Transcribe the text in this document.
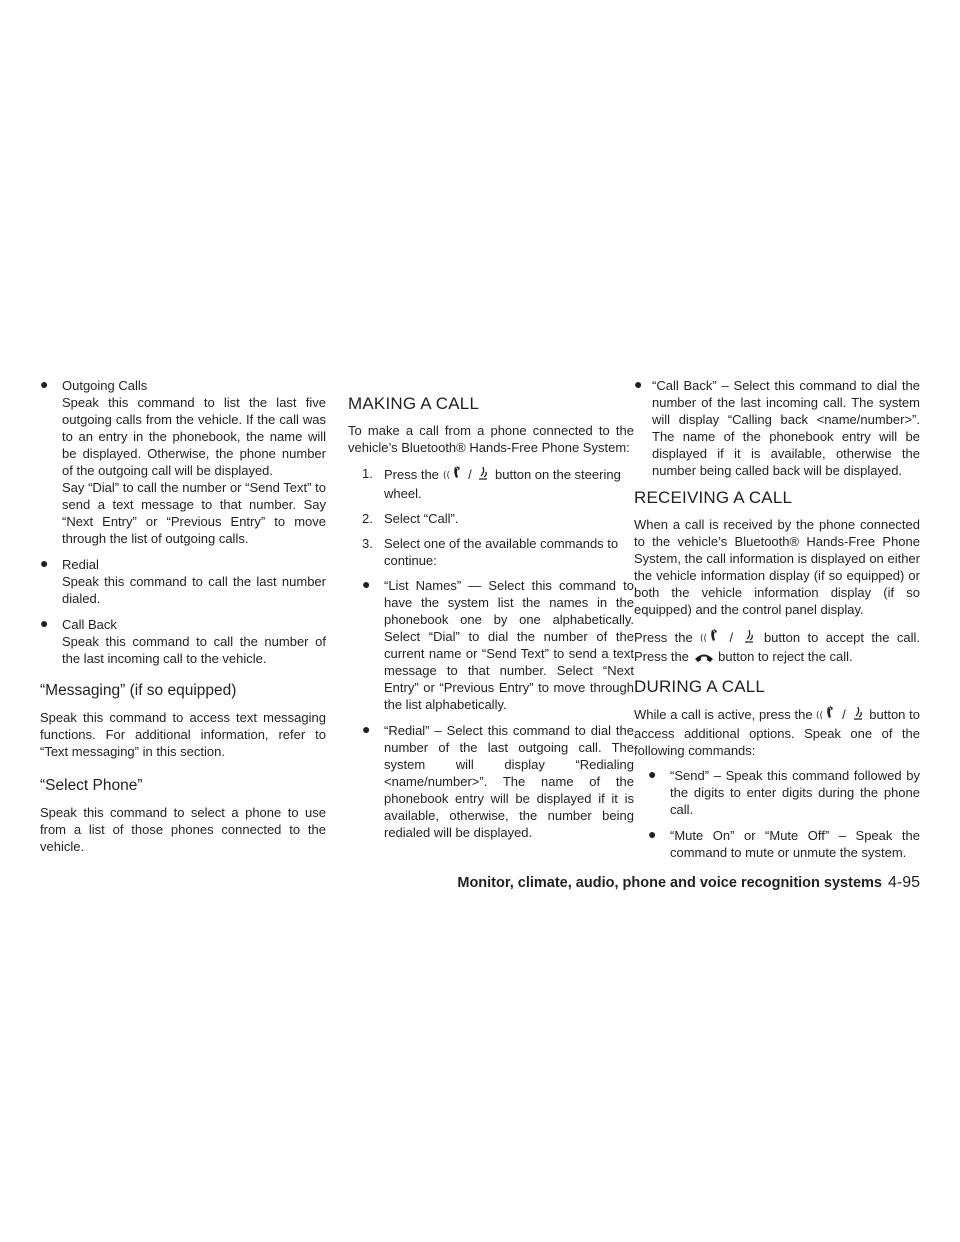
● Outgoing Calls
Speak this command to list the last five outgoing calls from the vehicle. If the call was to an entry in the phonebook, the name will be displayed. Otherwise, the phone number of the outgoing call will be displayed.
Say “Dial” to call the number or “Send Text” to send a text message to that number. Say “Next Entry” or “Previous Entry” to move through the list of outgoing calls.
● Redial
Speak this command to call the last number dialed.
● Call Back
Speak this command to call the number of the last incoming call to the vehicle.
“Messaging” (if so equipped)

Speak this command to access text messaging functions. For additional information, refer to “Text messaging” in this section.

“Select Phone”

Speak this command to select a phone to use from a list of those phones connected to the vehicle.

MAKING A CALL

To make a call from a phone connected to the vehicle’s Bluetooth® Hands-Free Phone System:

1. Press the (( / button on the steering wheel.
2. Select “Call”.
3. Select one of the available commands to continue:
● “List Names” — Select this command to have the system list the names in the phonebook one by one alphabetically. Select “Dial” to dial the number of the current name or “Send Text” to send a text message to that number. Select “Next Entry” or “Previous Entry” to move through the list alphabetically.
● “Redial” – Select this command to dial the number of the last outgoing call. The system will display “Redialing <name/number>”. The name of the phonebook entry will be displayed if it is available, otherwise, the number being redialed will be displayed.
● “Call Back” – Select this command to dial the number of the last incoming call. The system will display “Calling back <name/number>”. The name of the phonebook entry will be displayed if it is available, otherwise the number being called back will be displayed.
RECEIVING A CALL

When a call is received by the phone connected to the vehicle’s Bluetooth® Hands-Free Phone System, the call information is displayed on either the vehicle information display (if so equipped) or both the vehicle information display (if so equipped) and the control panel display.

Press the (( / button to accept the call. Press the button to reject the call.

DURING A CALL

While a call is active, press the (( / button to access additional options. Speak one of the following commands:

● “Send” – Speak this command followed by the digits to enter digits during the phone call.
● “Mute On” or “Mute Off” – Speak the command to mute or unmute the system.
Monitor, climate, audio, phone and voice recognition systems 4-95
